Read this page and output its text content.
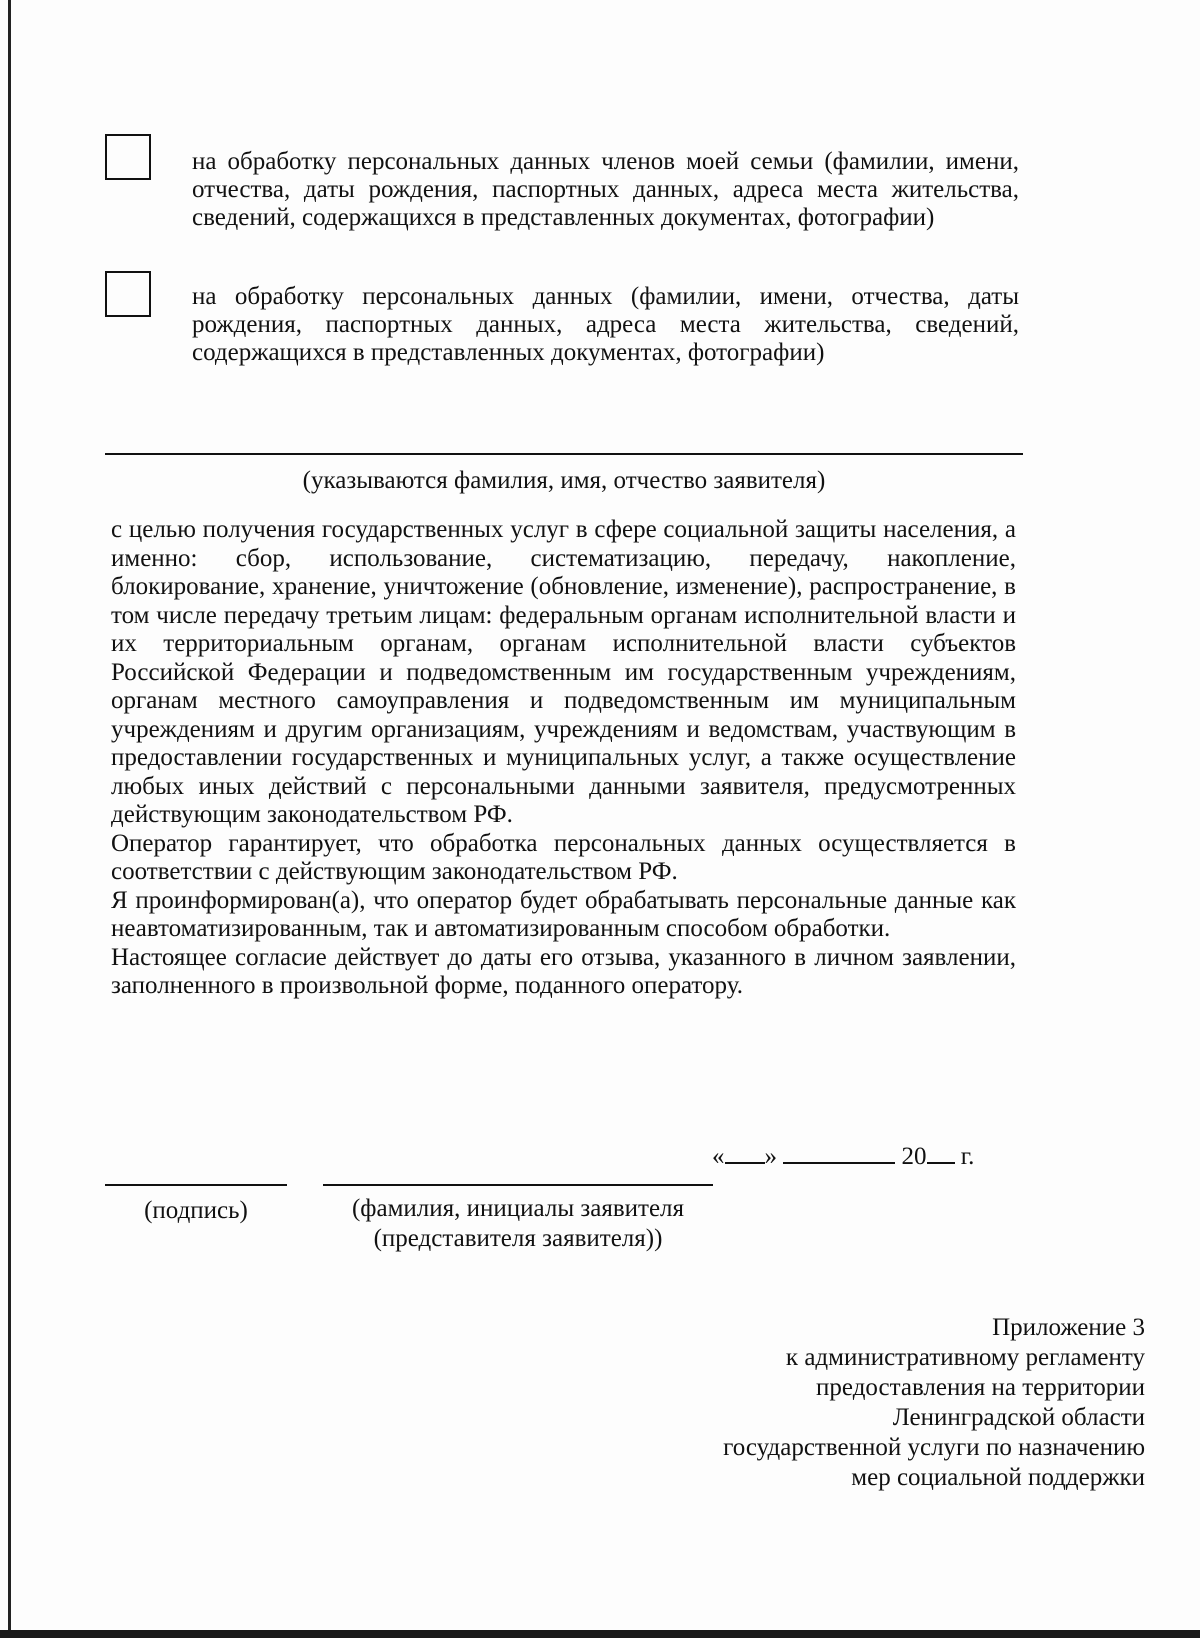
на обработку персональных данных членов моей семьи (фамилии, имени, отчества, даты рождения, паспортных данных, адреса места жительства, сведений, содержащихся в представленных документах, фотографии)
на обработку персональных данных (фамилии, имени, отчества, даты рождения, паспортных данных, адреса места жительства, сведений, содержащихся в представленных документах, фотографии)
(указываются фамилия, имя, отчество заявителя)

с целью получения государственных услуг в сфере социальной защиты населения, а именно: сбор, использование, систематизацию, передачу, накопление, блокирование, хранение, уничтожение (обновление, изменение), распространение, в том числе передачу третьим лицам: федеральным органам исполнительной власти и их территориальным органам, органам исполнительной власти субъектов Российской Федерации и подведомственным им государственным учреждениям, органам местного самоуправления и подведомственным им муниципальным учреждениям и другим организациям, учреждениям и ведомствам, участвующим в предоставлении государственных и муниципальных услуг, а также осуществление любых иных действий с персональными данными заявителя, предусмотренных действующим законодательством РФ.

Оператор гарантирует, что обработка персональных данных осуществляется в соответствии с действующим законодательством РФ.

Я проинформирован(а), что оператор будет обрабатывать персональные данные как неавтоматизированным, так и автоматизированным способом обработки.

Настоящее согласие действует до даты его отзыва, указанного в личном заявлении, заполненного в произвольной форме, поданного оператору.

« »	20 г.
(подпись)	(фамилия, инициалы заявителя
(представителя заявителя))
Приложение 3
к административному регламенту
предоставления на территории
Ленинградской области
государственной услуги по назначению
мер социальной поддержки
